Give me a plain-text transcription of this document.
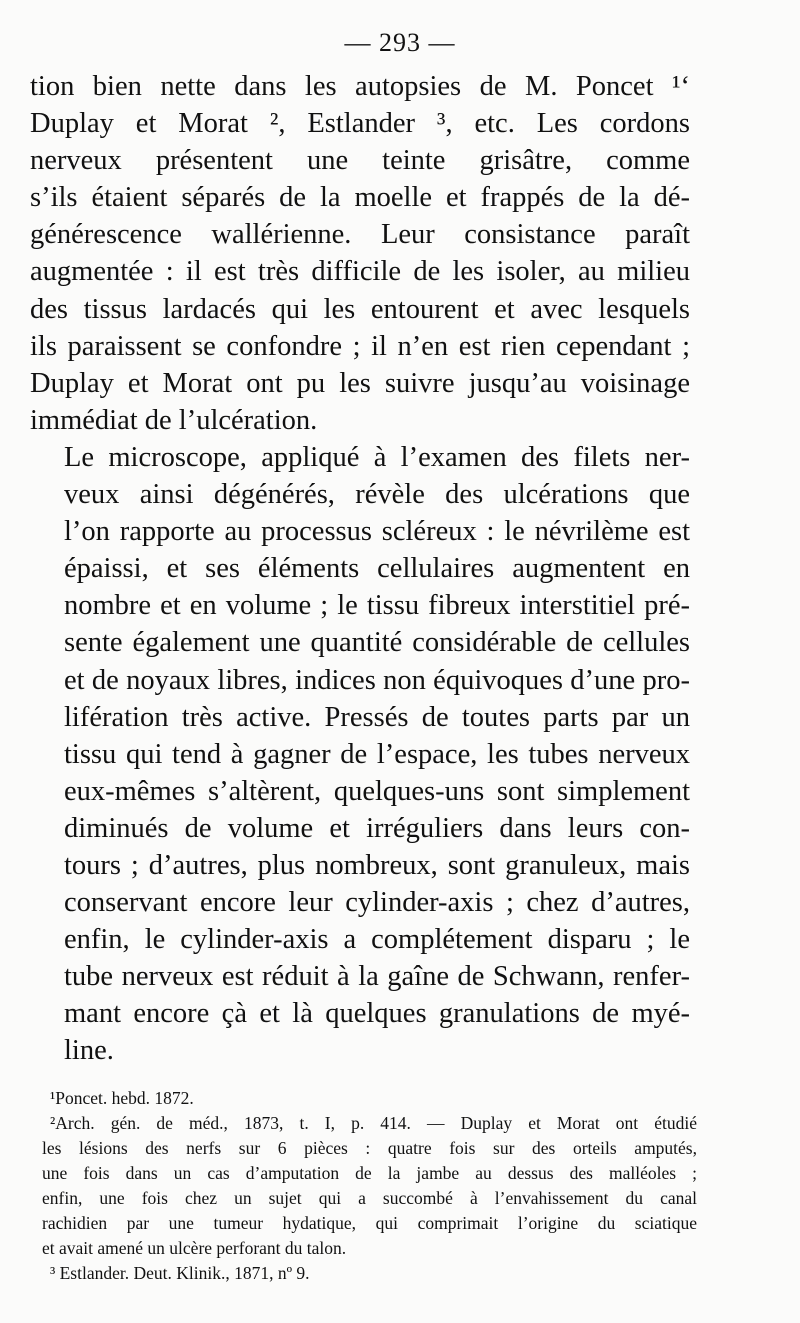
— 293 —

tion bien nette dans les autopsies de M. Poncet ¹‘
Duplay et Morat ², Estlander ³, etc. Les cordons
nerveux présentent une teinte grisâtre, comme
s’ils étaient séparés de la moelle et frappés de la dé-
générescence wallérienne. Leur consistance paraît
augmentée : il est très difficile de les isoler, au milieu
des tissus lardacés qui les entourent et avec lesquels
ils paraissent se confondre ; il n’en est rien cependant ;
Duplay et Morat ont pu les suivre jusqu’au voisinage
immédiat de l’ulcération.

Le microscope, appliqué à l’examen des filets ner-
veux ainsi dégénérés, révèle des ulcérations que
l’on rapporte au processus scléreux : le névrilème est
épaissi, et ses éléments cellulaires augmentent en
nombre et en volume ; le tissu fibreux interstitiel pré-
sente également une quantité considérable de cellules
et de noyaux libres, indices non équivoques d’une pro-
lifération très active. Pressés de toutes parts par un
tissu qui tend à gagner de l’espace, les tubes nerveux
eux-mêmes s’altèrent, quelques-uns sont simplement
diminués de volume et irréguliers dans leurs con-
tours ; d’autres, plus nombreux, sont granuleux, mais
conservant encore leur cylinder-axis ; chez d’autres,
enfin, le cylinder-axis a complétement disparu ; le
tube nerveux est réduit à la gaîne de Schwann, renfer-
mant encore çà et là quelques granulations de myé-
line.

¹Poncet. hebd. 1872.
²Arch. gén. de méd., 1873, t. I, p. 414. — Duplay et Morat ont étudié
les lésions des nerfs sur 6 pièces : quatre fois sur des orteils amputés,
une fois dans un cas d’amputation de la jambe au dessus des malléoles ;
enfin, une fois chez un sujet qui a succombé à l’envahissement du canal
rachidien par une tumeur hydatique, qui comprimait l’origine du sciatique
et avait amené un ulcère perforant du talon.
³ Estlander. Deut. Klinik., 1871, nº 9.
